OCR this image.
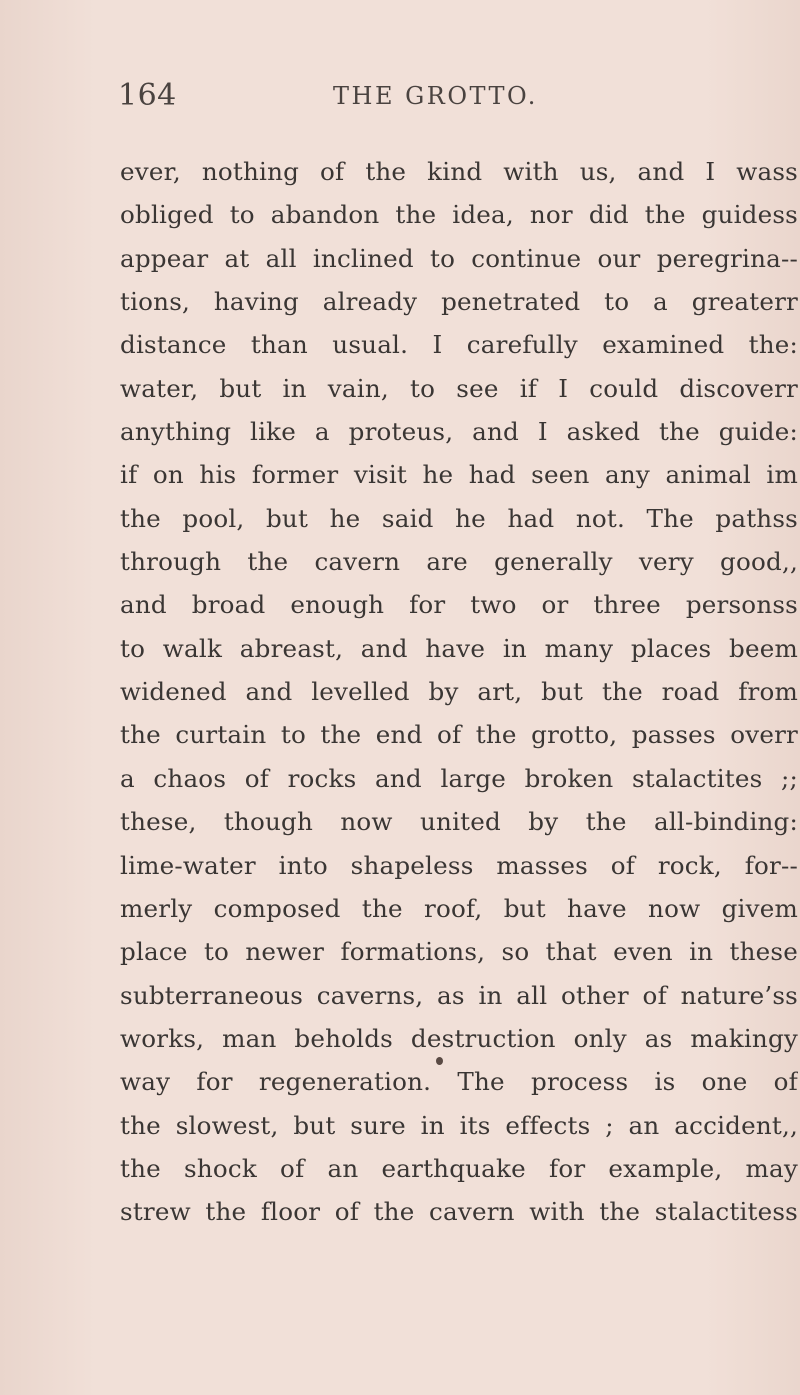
164	THE GROTTO.
ever, nothing of the kind with us, and I wass
obliged to abandon the idea, nor did the guidess
appear at all inclined to continue our peregrina--
tions, having already penetrated to a greaterr
distance than usual. I carefully examined the:
water, but in vain, to see if I could discoverr
anything like a proteus, and I asked the guide:
if on his former visit he had seen any animal im
the pool, but he said he had not. The pathss
through the cavern are generally very good,,
and broad enough for two or three personss
to walk abreast, and have in many places beem
widened and levelled by art, but the road from
the curtain to the end of the grotto, passes overr
a chaos of rocks and large broken stalactites ;;
these, though now united by the all-binding:
lime-water into shapeless masses of rock, for--
merly composed the roof, but have now givem
place to newer formations, so that even in these
subterraneous caverns, as in all other of nature’ss
works, man beholds destruction only as makingy
way for regeneration. The process is one of
the slowest, but sure in its effects ; an accident,,
the shock of an earthquake for example, may
strew the floor of the cavern with the stalactitess
